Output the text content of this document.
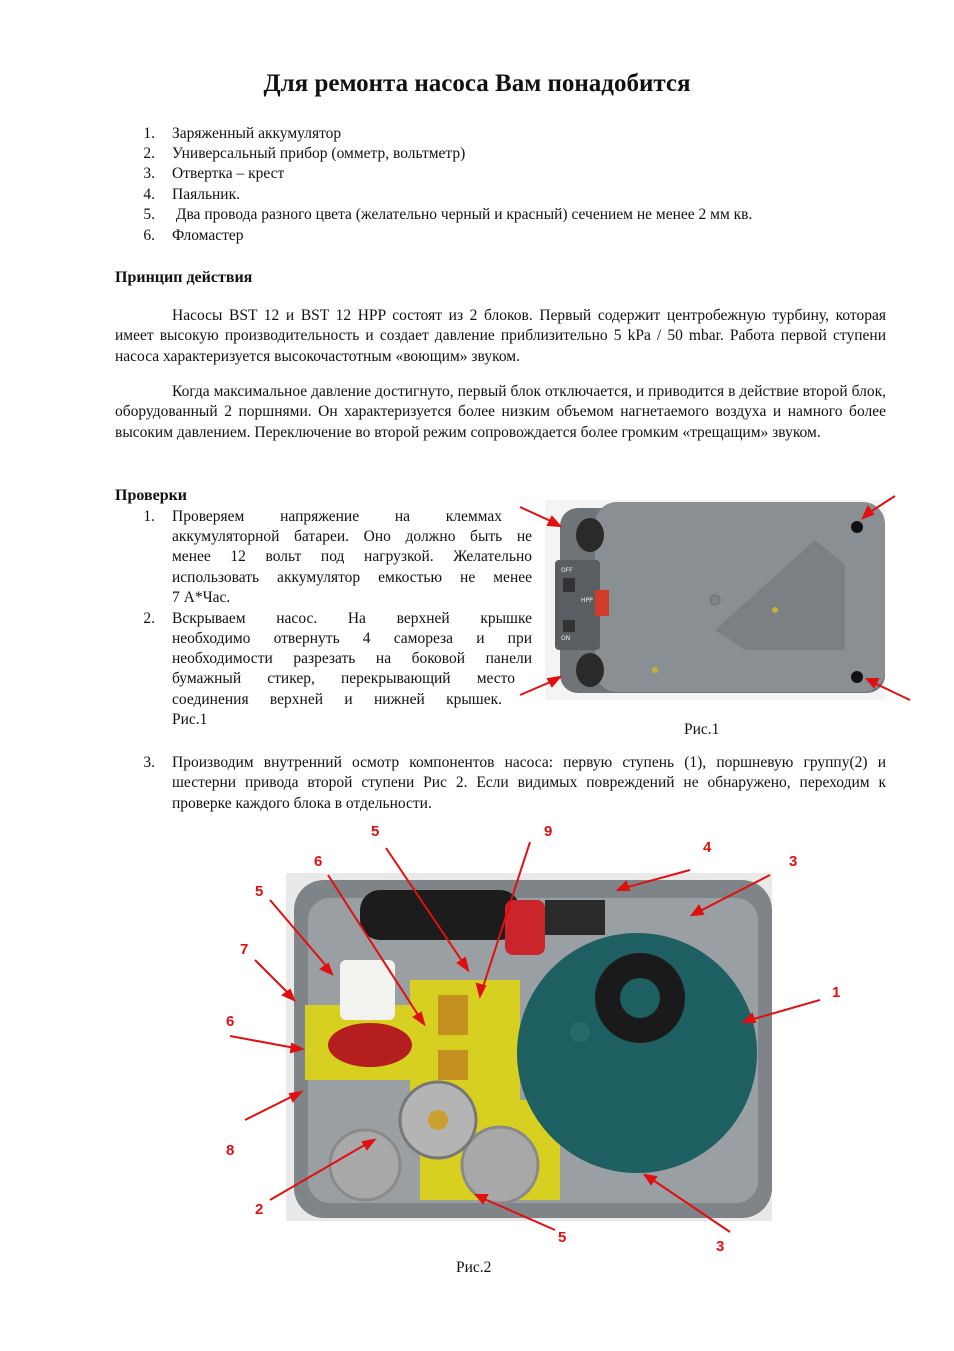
Для ремонта насоса Вам понадобится
1. Заряженный аккумулятор
2. Универсальный прибор (омметр, вольтметр)
3. Отвертка – крест
4. Паяльник.
5. Два провода разного цвета (желательно черный и красный) сечением не менее 2 мм кв.
6. Фломастер
Принцип действия

Насосы BST 12 и BST 12 HPP состоят из 2 блоков. Первый содержит центробежную турбину, которая имеет высокую производительность и создает давление приблизительно 5 kPa / 50 mbar. Работа первой ступени насоса характеризуется высокочастотным «воющим» звуком.

Когда максимальное давление достигнуто, первый блок отключается, и приводится в действие второй блок, оборудованный 2 поршнями. Он характеризуется более низким объемом нагнетаемого воздуха и намного более высоким давлением. Переключение во второй режим сопровождается более громким «трещащим» звуком.

Проверки
1. Проверяем напряжение на клеммах
аккумуляторной батареи. Оно должно быть не
менее 12 вольт под нагрузкой. Желательно
использовать аккумулятор емкостью не менее
7 А*Час.
2. Вскрываем насос. На верхней крышке
необходимо отвернуть 4 самореза и при
необходимости разрезать на боковой панели
бумажный стикер, перекрывающий место
соединения верхней и нижней крышек.
Рис.1
OFF
HPP
ON
Рис.1
3. Производим внутренний осмотр компонентов насоса: первую ступень (1), поршневую группу(2) и шестерни привода второй ступени Рис 2. Если видимых повреждений не обнаружено, переходим к проверке каждого блока в отдельности.

5	9
6
4
3
5
7
1
6
8
2
5
3
Рис.2
